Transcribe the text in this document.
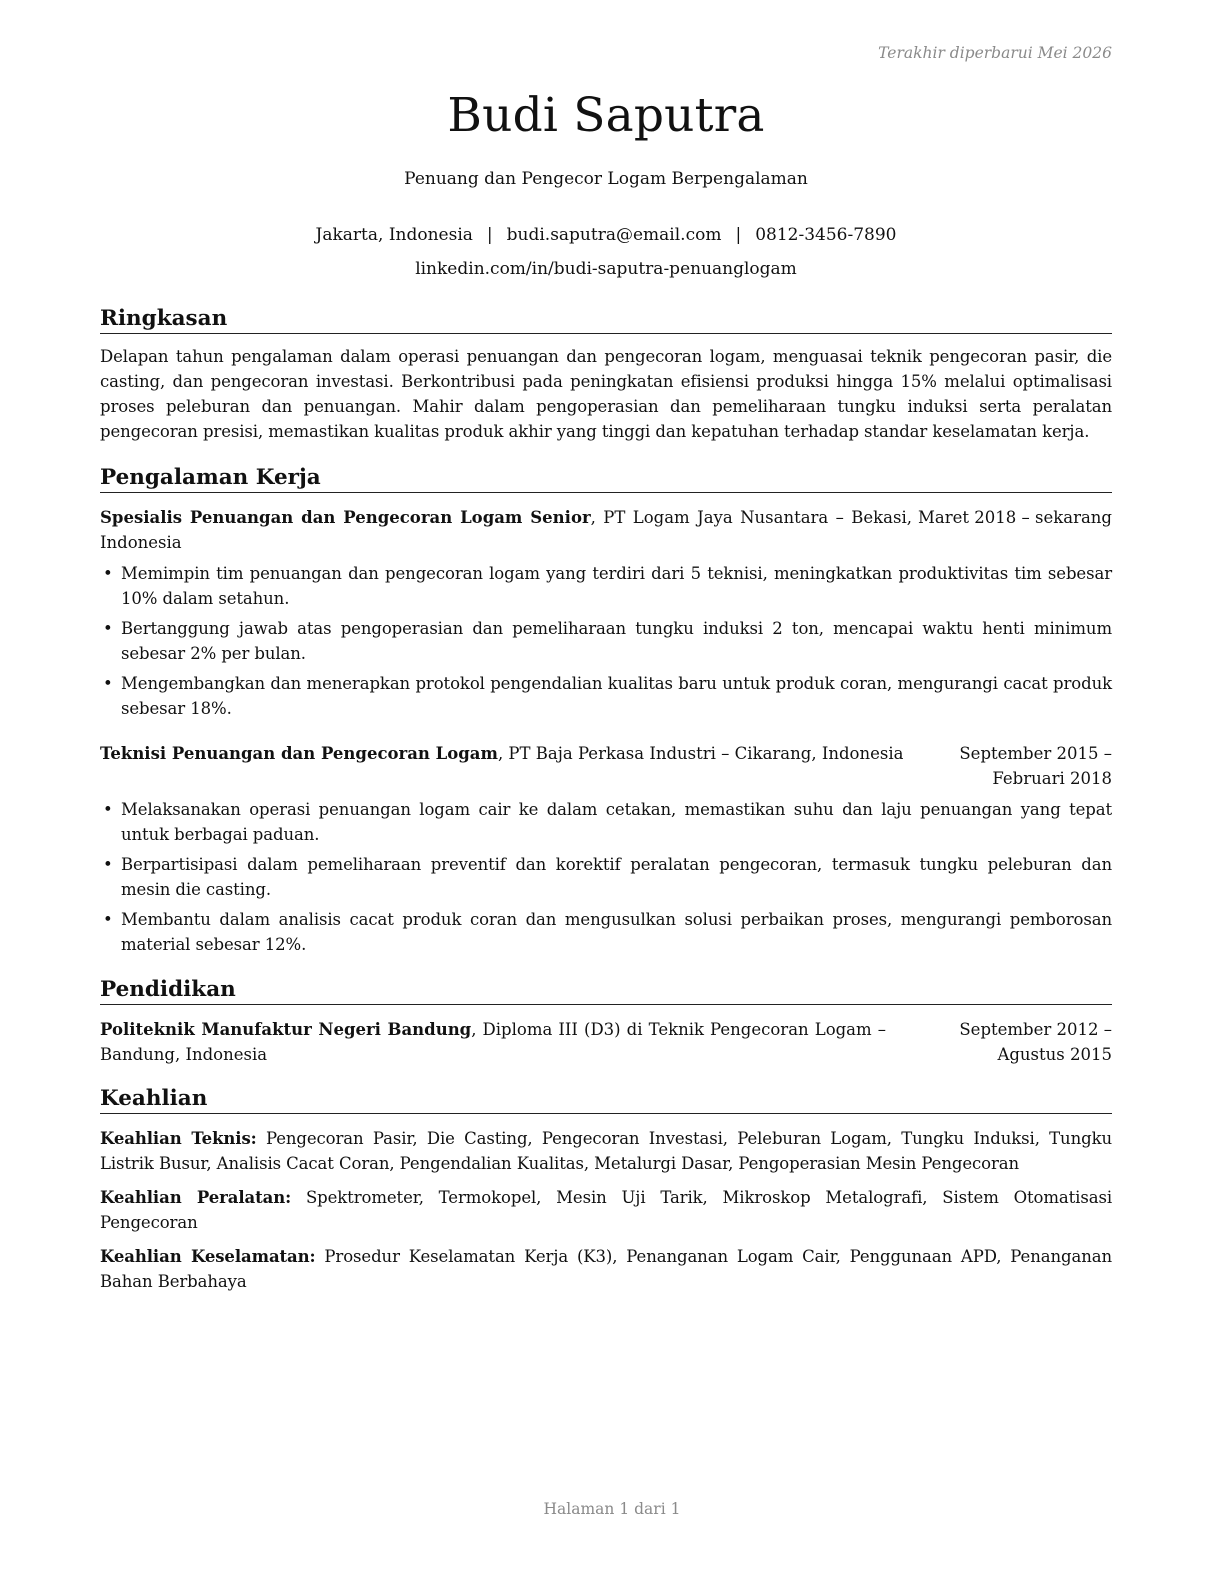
Terakhir diperbarui Mei 2026
Budi Saputra
Penuang dan Pengecor Logam Berpengalaman
Jakarta, Indonesia | budi.saputra@email.com | 0812-3456-7890
linkedin.com/in/budi-saputra-penuanglogam
Ringkasan

Delapan tahun pengalaman dalam operasi penuangan dan pengecoran logam, menguasai teknik pengecoran pasir, die casting, dan pengecoran investasi. Berkontribusi pada peningkatan efisiensi produksi hingga 15% melalui optimalisasi proses peleburan dan penuangan. Mahir dalam pengoperasian dan pemeliharaan tungku induksi serta peralatan pengecoran presisi, memastikan kualitas produk akhir yang tinggi dan kepatuhan terhadap standar keselamatan kerja.

Pengalaman Kerja
Spesialis Penuangan dan Pengecoran Logam Senior, PT Logam Jaya Nusantara – Bekasi, Indonesia
Maret 2018 – sekarang
• Memimpin tim penuangan dan pengecoran logam yang terdiri dari 5 teknisi, meningkatkan produktivitas tim sebesar 10% dalam setahun.
• Bertanggung jawab atas pengoperasian dan pemeliharaan tungku induksi 2 ton, mencapai waktu henti minimum sebesar 2% per bulan.
• Mengembangkan dan menerapkan protokol pengendalian kualitas baru untuk produk coran, mengurangi cacat produk sebesar 18%.
Teknisi Penuangan dan Pengecoran Logam, PT Baja Perkasa Industri – Cikarang, Indonesia	September 2015 – Februari 2018
• Melaksanakan operasi penuangan logam cair ke dalam cetakan, memastikan suhu dan laju penuangan yang tepat untuk berbagai paduan.
• Berpartisipasi dalam pemeliharaan preventif dan korektif peralatan pengecoran, termasuk tungku peleburan dan mesin die casting.
• Membantu dalam analisis cacat produk coran dan mengusulkan solusi perbaikan proses, mengurangi pemborosan material sebesar 12%.
Pendidikan
Politeknik Manufaktur Negeri Bandung, Diploma III (D3) di Teknik Pengecoran Logam – Bandung, Indonesia
September 2012 – Agustus 2015
Keahlian
Keahlian Teknis: Pengecoran Pasir, Die Casting, Pengecoran Investasi, Peleburan Logam, Tungku Induksi, Tungku Listrik Busur, Analisis Cacat Coran, Pengendalian Kualitas, Metalurgi Dasar, Pengoperasian Mesin Pengecoran
Keahlian Peralatan: Spektrometer, Termokopel, Mesin Uji Tarik, Mikroskop Metalografi, Sistem Otomatisasi Pengecoran
Keahlian Keselamatan: Prosedur Keselamatan Kerja (K3), Penanganan Logam Cair, Penggunaan APD, Penanganan Bahan Berbahaya
Halaman 1 dari 1
